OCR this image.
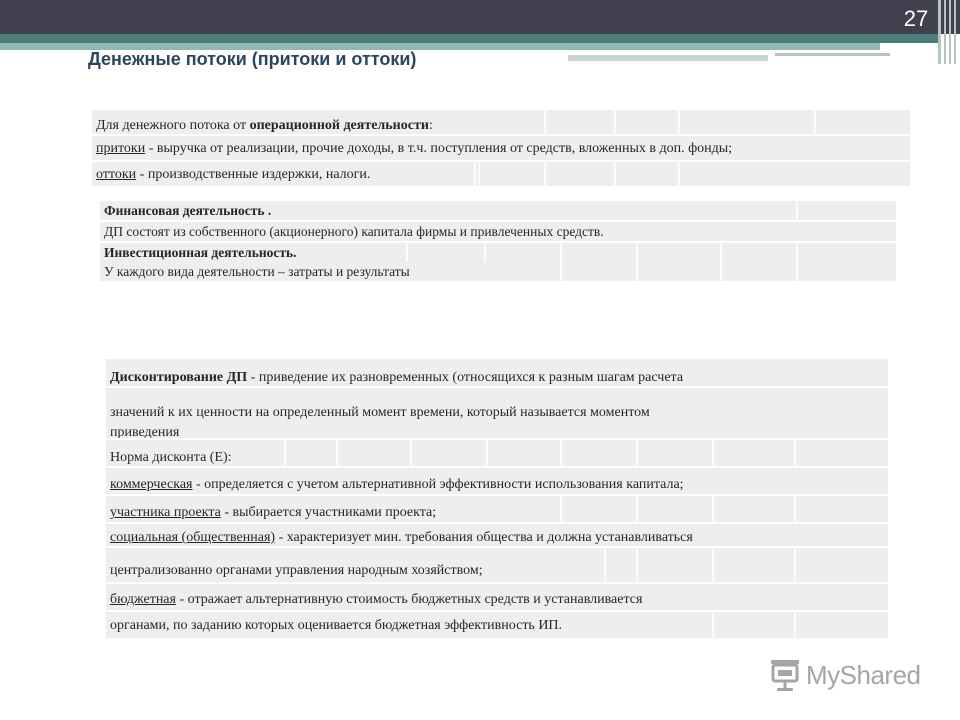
27
Денежные потоки (притоки и оттоки)
Для денежного потока от операционной деятельности:
притоки - выручка от реализации, прочие доходы, в т.ч. поступления от средств, вложенных в доп. фонды;
оттоки - производственные издержки, налоги.
Финансовая деятельность .
ДП состоят из собственного (акционерного) капитала фирмы и привлеченных средств.
Инвестиционная деятельность.
У каждого вида деятельности – затраты и результаты
Дисконтирование ДП - приведение их разновременных (относящихся к разным шагам расчета
значений к их ценности на определенный момент времени, который называется моментом
приведения
Норма дисконта (Е):
коммерческая - определяется с учетом альтернативной эффективности использования капитала;
участника проекта - выбирается участниками проекта;
социальная (общественная) - характеризует мин. требования общества и должна устанавливаться
централизованно органами управления народным хозяйством;
бюджетная - отражает альтернативную стоимость бюджетных средств и устанавливается
органами, по заданию которых оценивается бюджетная эффективность ИП.
MyShared
